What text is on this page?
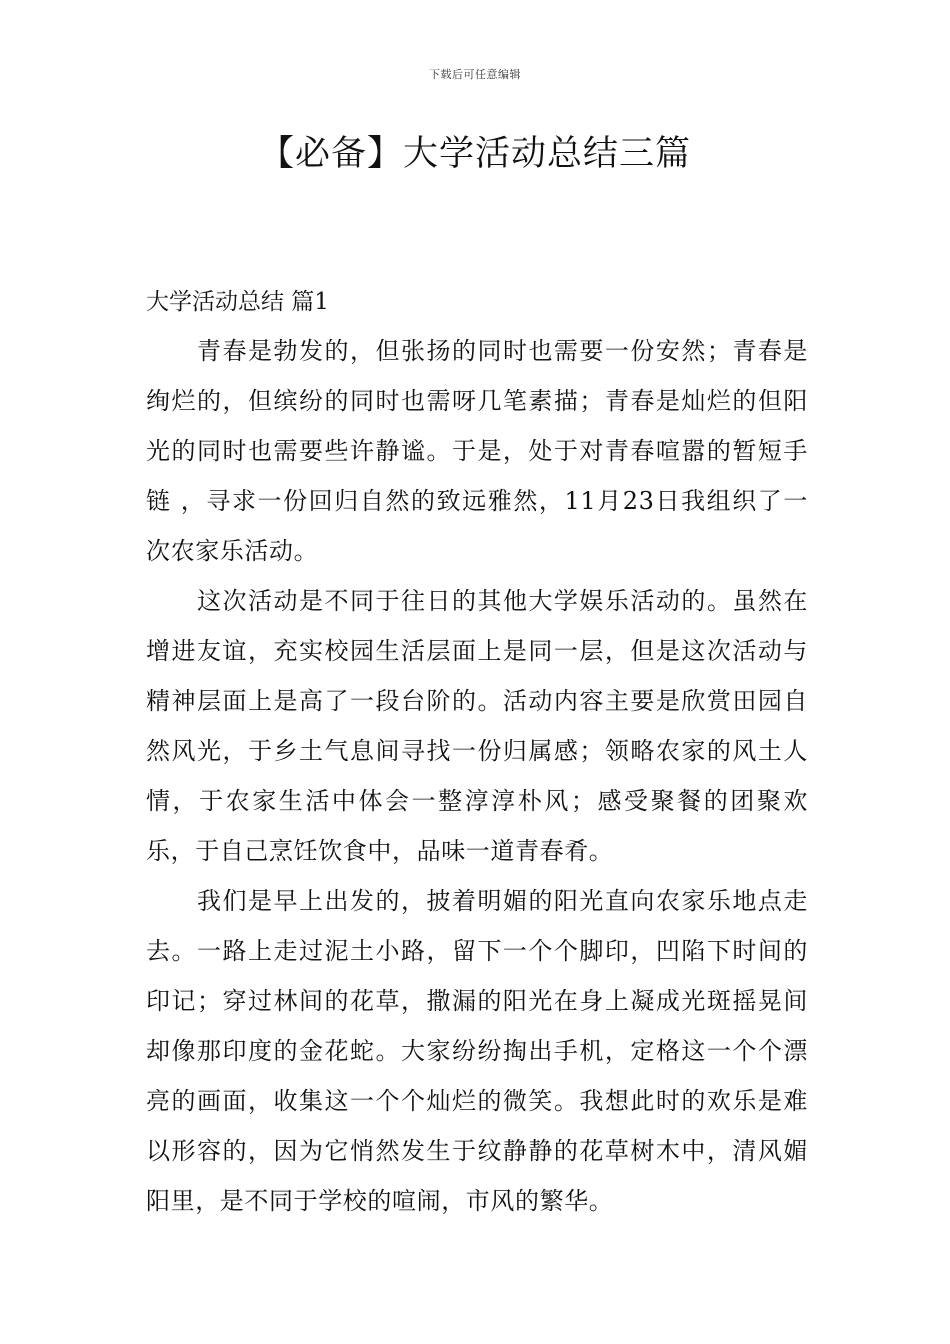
下载后可任意编辑
【必备】大学活动总结三篇
大学活动总结 篇1

青春是勃发的，但张扬的同时也需要一份安然；青春是绚烂的，但缤纷的同时也需呀几笔素描；青春是灿烂的但阳光的同时也需要些许静谧。于是，处于对青春喧嚣的暂短手链 ，寻求一份回归自然的致远雅然，11月23日我组织了一次农家乐活动。

这次活动是不同于往日的其他大学娱乐活动的。虽然在增进友谊，充实校园生活层面上是同一层，但是这次活动与精神层面上是高了一段台阶的。活动内容主要是欣赏田园自然风光，于乡土气息间寻找一份归属感；领略农家的风土人情，于农家生活中体会一整淳淳朴风；感受聚餐的团聚欢乐，于自己烹饪饮食中，品味一道青春肴。

我们是早上出发的，披着明媚的阳光直向农家乐地点走去。一路上走过泥土小路，留下一个个脚印，凹陷下时间的印记；穿过林间的花草，撒漏的阳光在身上凝成光斑摇晃间却像那印度的金花蛇。大家纷纷掏出手机，定格这一个个漂亮的画面，收集这一个个灿烂的微笑。我想此时的欢乐是难以形容的，因为它悄然发生于纹静静的花草树木中，清风媚阳里，是不同于学校的喧闹，市风的繁华。
